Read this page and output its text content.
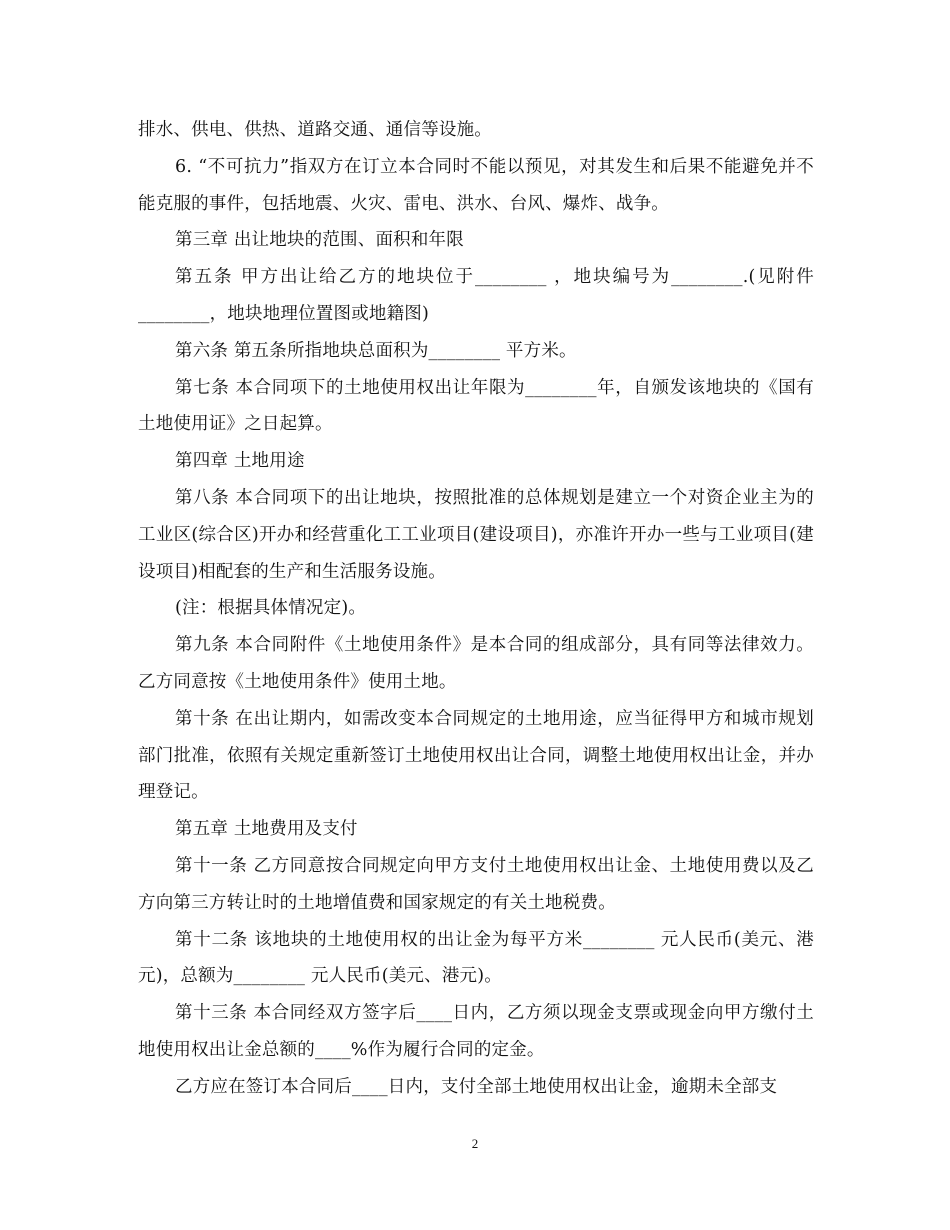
排水、供电、供热、道路交通、通信等设施。

6. “不可抗力”指双方在订立本合同时不能以预见，对其发生和后果不能避免并不能克服的事件，包括地震、火灾、雷电、洪水、台风、爆炸、战争。

第三章 出让地块的范围、面积和年限

第五条 甲方出让给乙方的地块位于________ ，地块编号为________.(见附件________，地块地理位置图或地籍图)

第六条 第五条所指地块总面积为________ 平方米。

第七条 本合同项下的土地使用权出让年限为________年，自颁发该地块的《国有土地使用证》之日起算。

第四章 土地用途

第八条 本合同项下的出让地块，按照批准的总体规划是建立一个对资企业主为的工业区(综合区)开办和经营重化工工业项目(建设项目)，亦准许开办一些与工业项目(建设项目)相配套的生产和生活服务设施。

(注：根据具体情况定)。

第九条 本合同附件《土地使用条件》是本合同的组成部分，具有同等法律效力。乙方同意按《土地使用条件》使用土地。

第十条 在出让期内，如需改变本合同规定的土地用途，应当征得甲方和城市规划部门批准，依照有关规定重新签订土地使用权出让合同，调整土地使用权出让金，并办理登记。

第五章 土地费用及支付

第十一条 乙方同意按合同规定向甲方支付土地使用权出让金、土地使用费以及乙方向第三方转让时的土地增值费和国家规定的有关土地税费。

第十二条 该地块的土地使用权的出让金为每平方米________ 元人民币(美元、港元)，总额为________ 元人民币(美元、港元)。

第十三条 本合同经双方签字后____日内，乙方须以现金支票或现金向甲方缴付土地使用权出让金总额的____%作为履行合同的定金。

乙方应在签订本合同后____日内，支付全部土地使用权出让金，逾期未全部支

2
